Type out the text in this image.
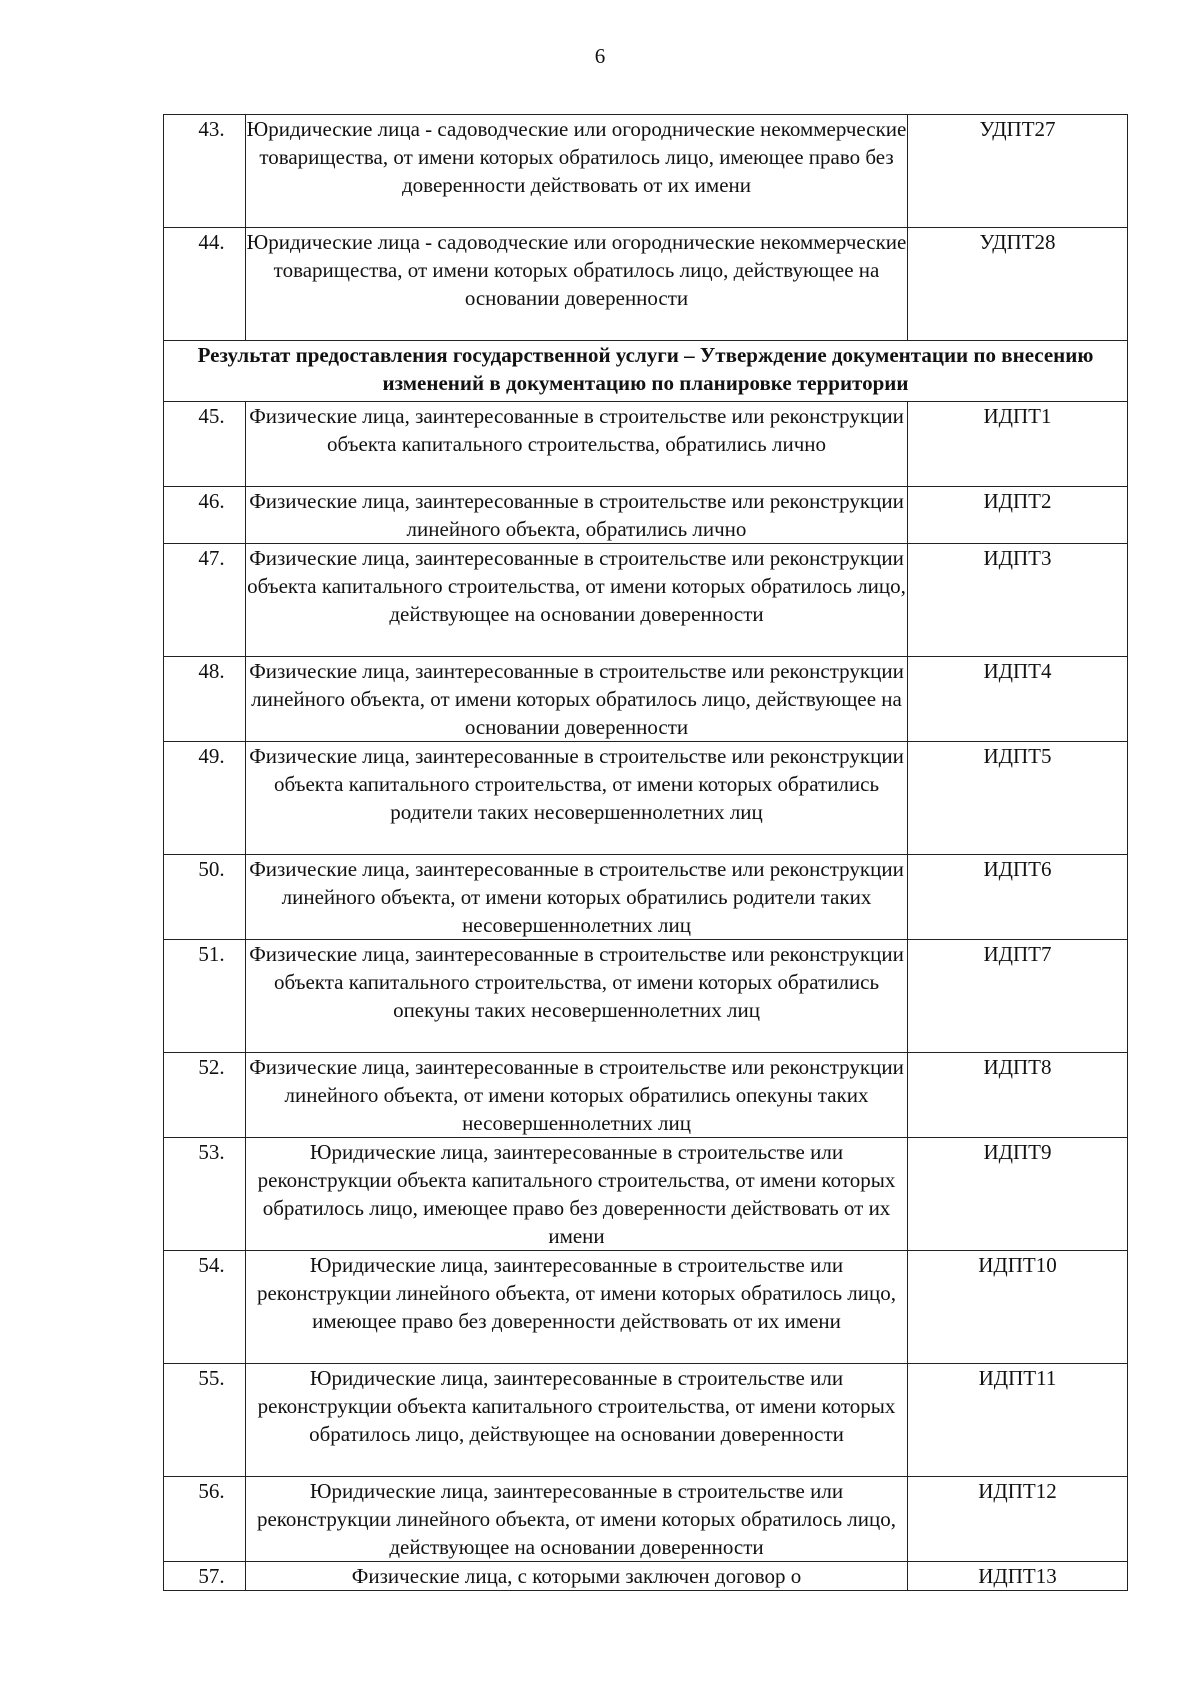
6
43.	Юридические лица - садоводческие или огороднические некоммерческие товарищества, от имени которых обратилось лицо, имеющее право без доверенности действовать от их имени	УДПТ27
44.	Юридические лица - садоводческие или огороднические некоммерческие товарищества, от имени которых обратилось лицо, действующее на основании доверенности	УДПТ28
Результат предоставления государственной услуги – Утверждение документации по внесению изменений в документацию по планировке территории		
45.	Физические лица, заинтересованные в строительстве или реконструкции объекта капитального строительства, обратились лично	ИДПТ1
46.	Физические лица, заинтересованные в строительстве или реконструкции линейного объекта, обратились лично	ИДПТ2
47.	Физические лица, заинтересованные в строительстве или реконструкции объекта капитального строительства, от имени которых обратилось лицо, действующее на основании доверенности	ИДПТ3
48.	Физические лица, заинтересованные в строительстве или реконструкции линейного объекта, от имени которых обратилось лицо, действующее на основании доверенности	ИДПТ4
49.	Физические лица, заинтересованные в строительстве или реконструкции объекта капитального строительства, от имени которых обратились родители таких несовершеннолетних лиц	ИДПТ5
50.	Физические лица, заинтересованные в строительстве или реконструкции линейного объекта, от имени которых обратились родители таких несовершеннолетних лиц	ИДПТ6
51.	Физические лица, заинтересованные в строительстве или реконструкции объекта капитального строительства, от имени которых обратились опекуны таких несовершеннолетних лиц	ИДПТ7
52.	Физические лица, заинтересованные в строительстве или реконструкции линейного объекта, от имени которых обратились опекуны таких несовершеннолетних лиц	ИДПТ8
53.	Юридические лица, заинтересованные в строительстве или реконструкции объекта капитального строительства, от имени которых обратилось лицо, имеющее право без доверенности действовать от их имени	ИДПТ9
54.	Юридические лица, заинтересованные в строительстве или реконструкции линейного объекта, от имени которых обратилось лицо, имеющее право без доверенности действовать от их имени	ИДПТ10
55.	Юридические лица, заинтересованные в строительстве или реконструкции объекта капитального строительства, от имени которых обратилось лицо, действующее на основании доверенности	ИДПТ11
56.	Юридические лица, заинтересованные в строительстве или реконструкции линейного объекта, от имени которых обратилось лицо, действующее на основании доверенности	ИДПТ12
57.	Физические лица, с которыми заключен договор о	ИДПТ13
